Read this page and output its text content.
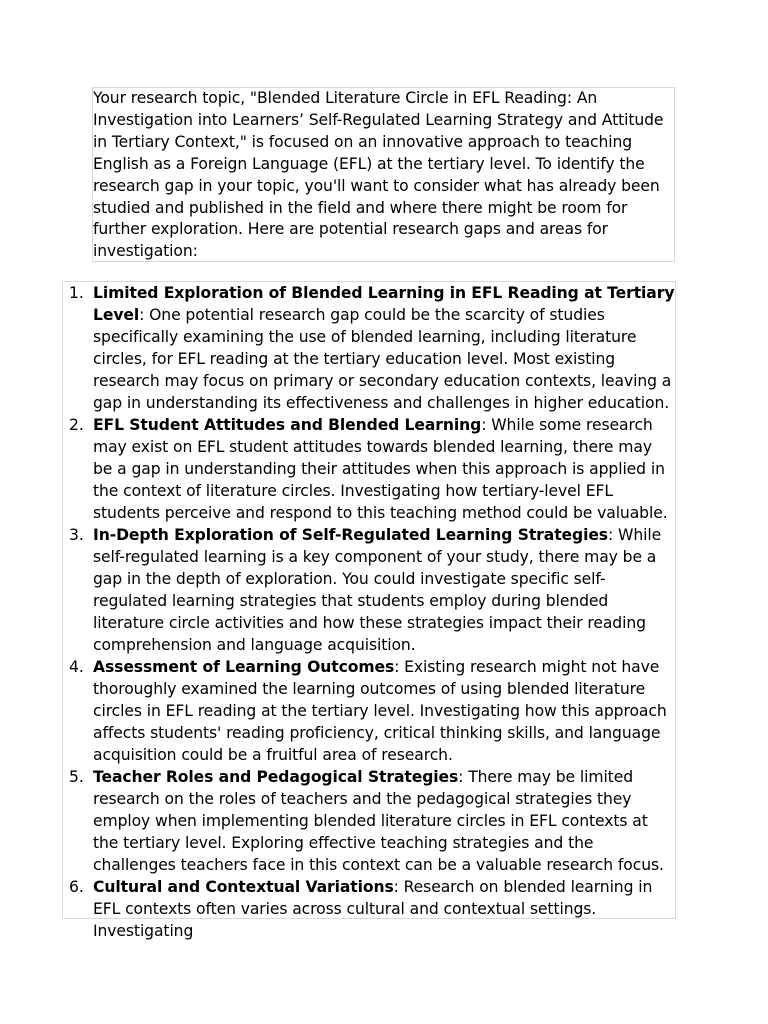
Your research topic, "Blended Literature Circle in EFL Reading: An Investigation into Learners’ Self-Regulated Learning Strategy and Attitude in Tertiary Context," is focused on an innovative approach to teaching English as a Foreign Language (EFL) at the tertiary level. To identify the research gap in your topic, you'll want to consider what has already been studied and published in the field and where there might be room for further exploration. Here are potential research gaps and areas for investigation:

1. Limited Exploration of Blended Learning in EFL Reading at Tertiary Level: One potential research gap could be the scarcity of studies specifically examining the use of blended learning, including literature circles, for EFL reading at the tertiary education level. Most existing research may focus on primary or secondary education contexts, leaving a gap in understanding its effectiveness and challenges in higher education.
2. EFL Student Attitudes and Blended Learning: While some research may exist on EFL student attitudes towards blended learning, there may be a gap in understanding their attitudes when this approach is applied in the context of literature circles. Investigating how tertiary-level EFL students perceive and respond to this teaching method could be valuable.
3. In-Depth Exploration of Self-Regulated Learning Strategies: While self-regulated learning is a key component of your study, there may be a gap in the depth of exploration. You could investigate specific self-regulated learning strategies that students employ during blended literature circle activities and how these strategies impact their reading comprehension and language acquisition.
4. Assessment of Learning Outcomes: Existing research might not have thoroughly examined the learning outcomes of using blended literature circles in EFL reading at the tertiary level. Investigating how this approach affects students' reading proficiency, critical thinking skills, and language acquisition could be a fruitful area of research.
5. Teacher Roles and Pedagogical Strategies: There may be limited research on the roles of teachers and the pedagogical strategies they employ when implementing blended literature circles in EFL contexts at the tertiary level. Exploring effective teaching strategies and the challenges teachers face in this context can be a valuable research focus.
6. Cultural and Contextual Variations: Research on blended learning in EFL contexts often varies across cultural and contextual settings. Investigating
